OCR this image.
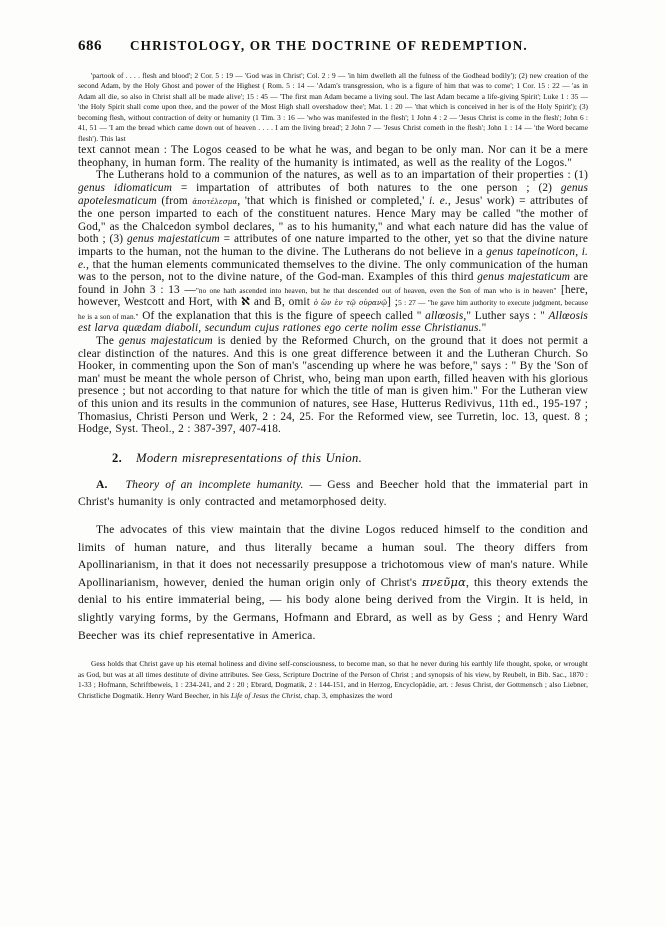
686	CHRISTOLOGY, OR THE DOCTRINE OF REDEMPTION.

'partook of . . . . flesh and blood'; 2 Cor. 5 : 19 — 'God was in Christ'; Col. 2 : 9 — 'in him dwelleth all the fulness of the Godhead bodily'); (2) new creation of the second Adam, by the Holy Ghost and power of the Highest ( Rom. 5 : 14 — 'Adam's transgression, who is a figure of him that was to come'; 1 Cor. 15 : 22 — 'as in Adam all die, so also in Christ shall all be made alive'; 15 : 45 — 'The first man Adam became a living soul. The last Adam became a life-giving Spirit'; Luke 1 : 35 — 'the Holy Spirit shall come upon thee, and the power of the Most High shall overshadow thee'; Mat. 1 : 20 — 'that which is conceived in her is of the Holy Spirit'); (3) becoming flesh, without contraction of deity or humanity (1 Tim. 3 : 16 — 'who was manifested in the flesh'; 1 John 4 : 2 — 'Jesus Christ is come in the flesh'; John 6 : 41, 51 — 'I am the bread which came down out of heaven . . . . I am the living bread'; 2 John 7 — 'Jesus Christ cometh in the flesh'; John 1 : 14 — 'the Word became flesh'). This last

text cannot mean : The Logos ceased to be what he was, and began to be only man. Nor can it be a mere theophany, in human form. The reality of the humanity is intimated, as well as the reality of the Logos."

The Lutherans hold to a communion of the natures, as well as to an impartation of their properties : (1) genus idiomaticum = impartation of attributes of both natures to the one person ; (2) genus apotelesmaticum (from ἀποτέλεσμα, 'that which is finished or completed,' i. e., Jesus' work) = attributes of the one person imparted to each of the constituent natures. Hence Mary may be called "the mother of God," as the Chalcedon symbol declares, " as to his humanity," and what each nature did has the value of both ; (3) genus majestaticum = attributes of one nature imparted to the other, yet so that the divine nature imparts to the human, not the human to the divine. The Lutherans do not believe in a genus tapeinoticon, i. e., that the human elements communicated themselves to the divine. The only communication of the human was to the person, not to the divine nature, of the God-man. Examples of this third genus majestaticum are found in John 3 : 13 —"no one hath ascended into heaven, but he that descended out of heaven, even the Son of man who is in heaven" [here, however, Westcott and Hort, with ℵ and B, omit ὁ ὢν ἐν τῷ οὐρανῷ] ;5 : 27 — "he gave him authority to execute judgment, because he is a son of man." Of the explanation that this is the figure of speech called " allœosis," Luther says : " Allœosis est larva quædam diaboli, secundum cujus rationes ego certe nolim esse Christianus."

The genus majestaticum is denied by the Reformed Church, on the ground that it does not permit a clear distinction of the natures. And this is one great difference between it and the Lutheran Church. So Hooker, in commenting upon the Son of man's "ascending up where he was before," says : " By the 'Son of man' must be meant the whole person of Christ, who, being man upon earth, filled heaven with his glorious presence ; but not according to that nature for which the title of man is given him." For the Lutheran view of this union and its results in the communion of natures, see Hase, Hutterus Redivivus, 11th ed., 195-197 ; Thomasius, Christi Person und Werk, 2 : 24, 25. For the Reformed view, see Turretin, loc. 13, quest. 8 ; Hodge, Syst. Theol., 2 : 387-397, 407-418.

2. Modern misrepresentations of this Union.

A. Theory of an incomplete humanity. — Gess and Beecher hold that the immaterial part in Christ's humanity is only contracted and metamorphosed deity.

The advocates of this view maintain that the divine Logos reduced himself to the condition and limits of human nature, and thus literally became a human soul. The theory differs from Apollinarianism, in that it does not necessarily presuppose a trichotomous view of man's nature. While Apollinarianism, however, denied the human origin only of Christ's πνεῦμα, this theory extends the denial to his entire immaterial being, — his body alone being derived from the Virgin. It is held, in slightly varying forms, by the Germans, Hofmann and Ebrard, as well as by Gess ; and Henry Ward Beecher was its chief representative in America.

Gess holds that Christ gave up his eternal holiness and divine self-consciousness, to become man, so that he never during his earthly life thought, spoke, or wrought as God, but was at all times destitute of divine attributes. See Gess, Scripture Doctrine of the Person of Christ ; and synopsis of his view, by Reubelt, in Bib. Sac., 1870 : 1-33 ; Hofmann, Schriftbeweis, 1 : 234-241, and 2 : 20 ; Ebrard, Dogmatik, 2 : 144-151, and in Herzog, Encyclopädie, art. : Jesus Christ, der Gottmensch ; also Liebner, Christliche Dogmatik. Henry Ward Beecher, in his Life of Jesus the Christ, chap. 3, emphasizes the word
